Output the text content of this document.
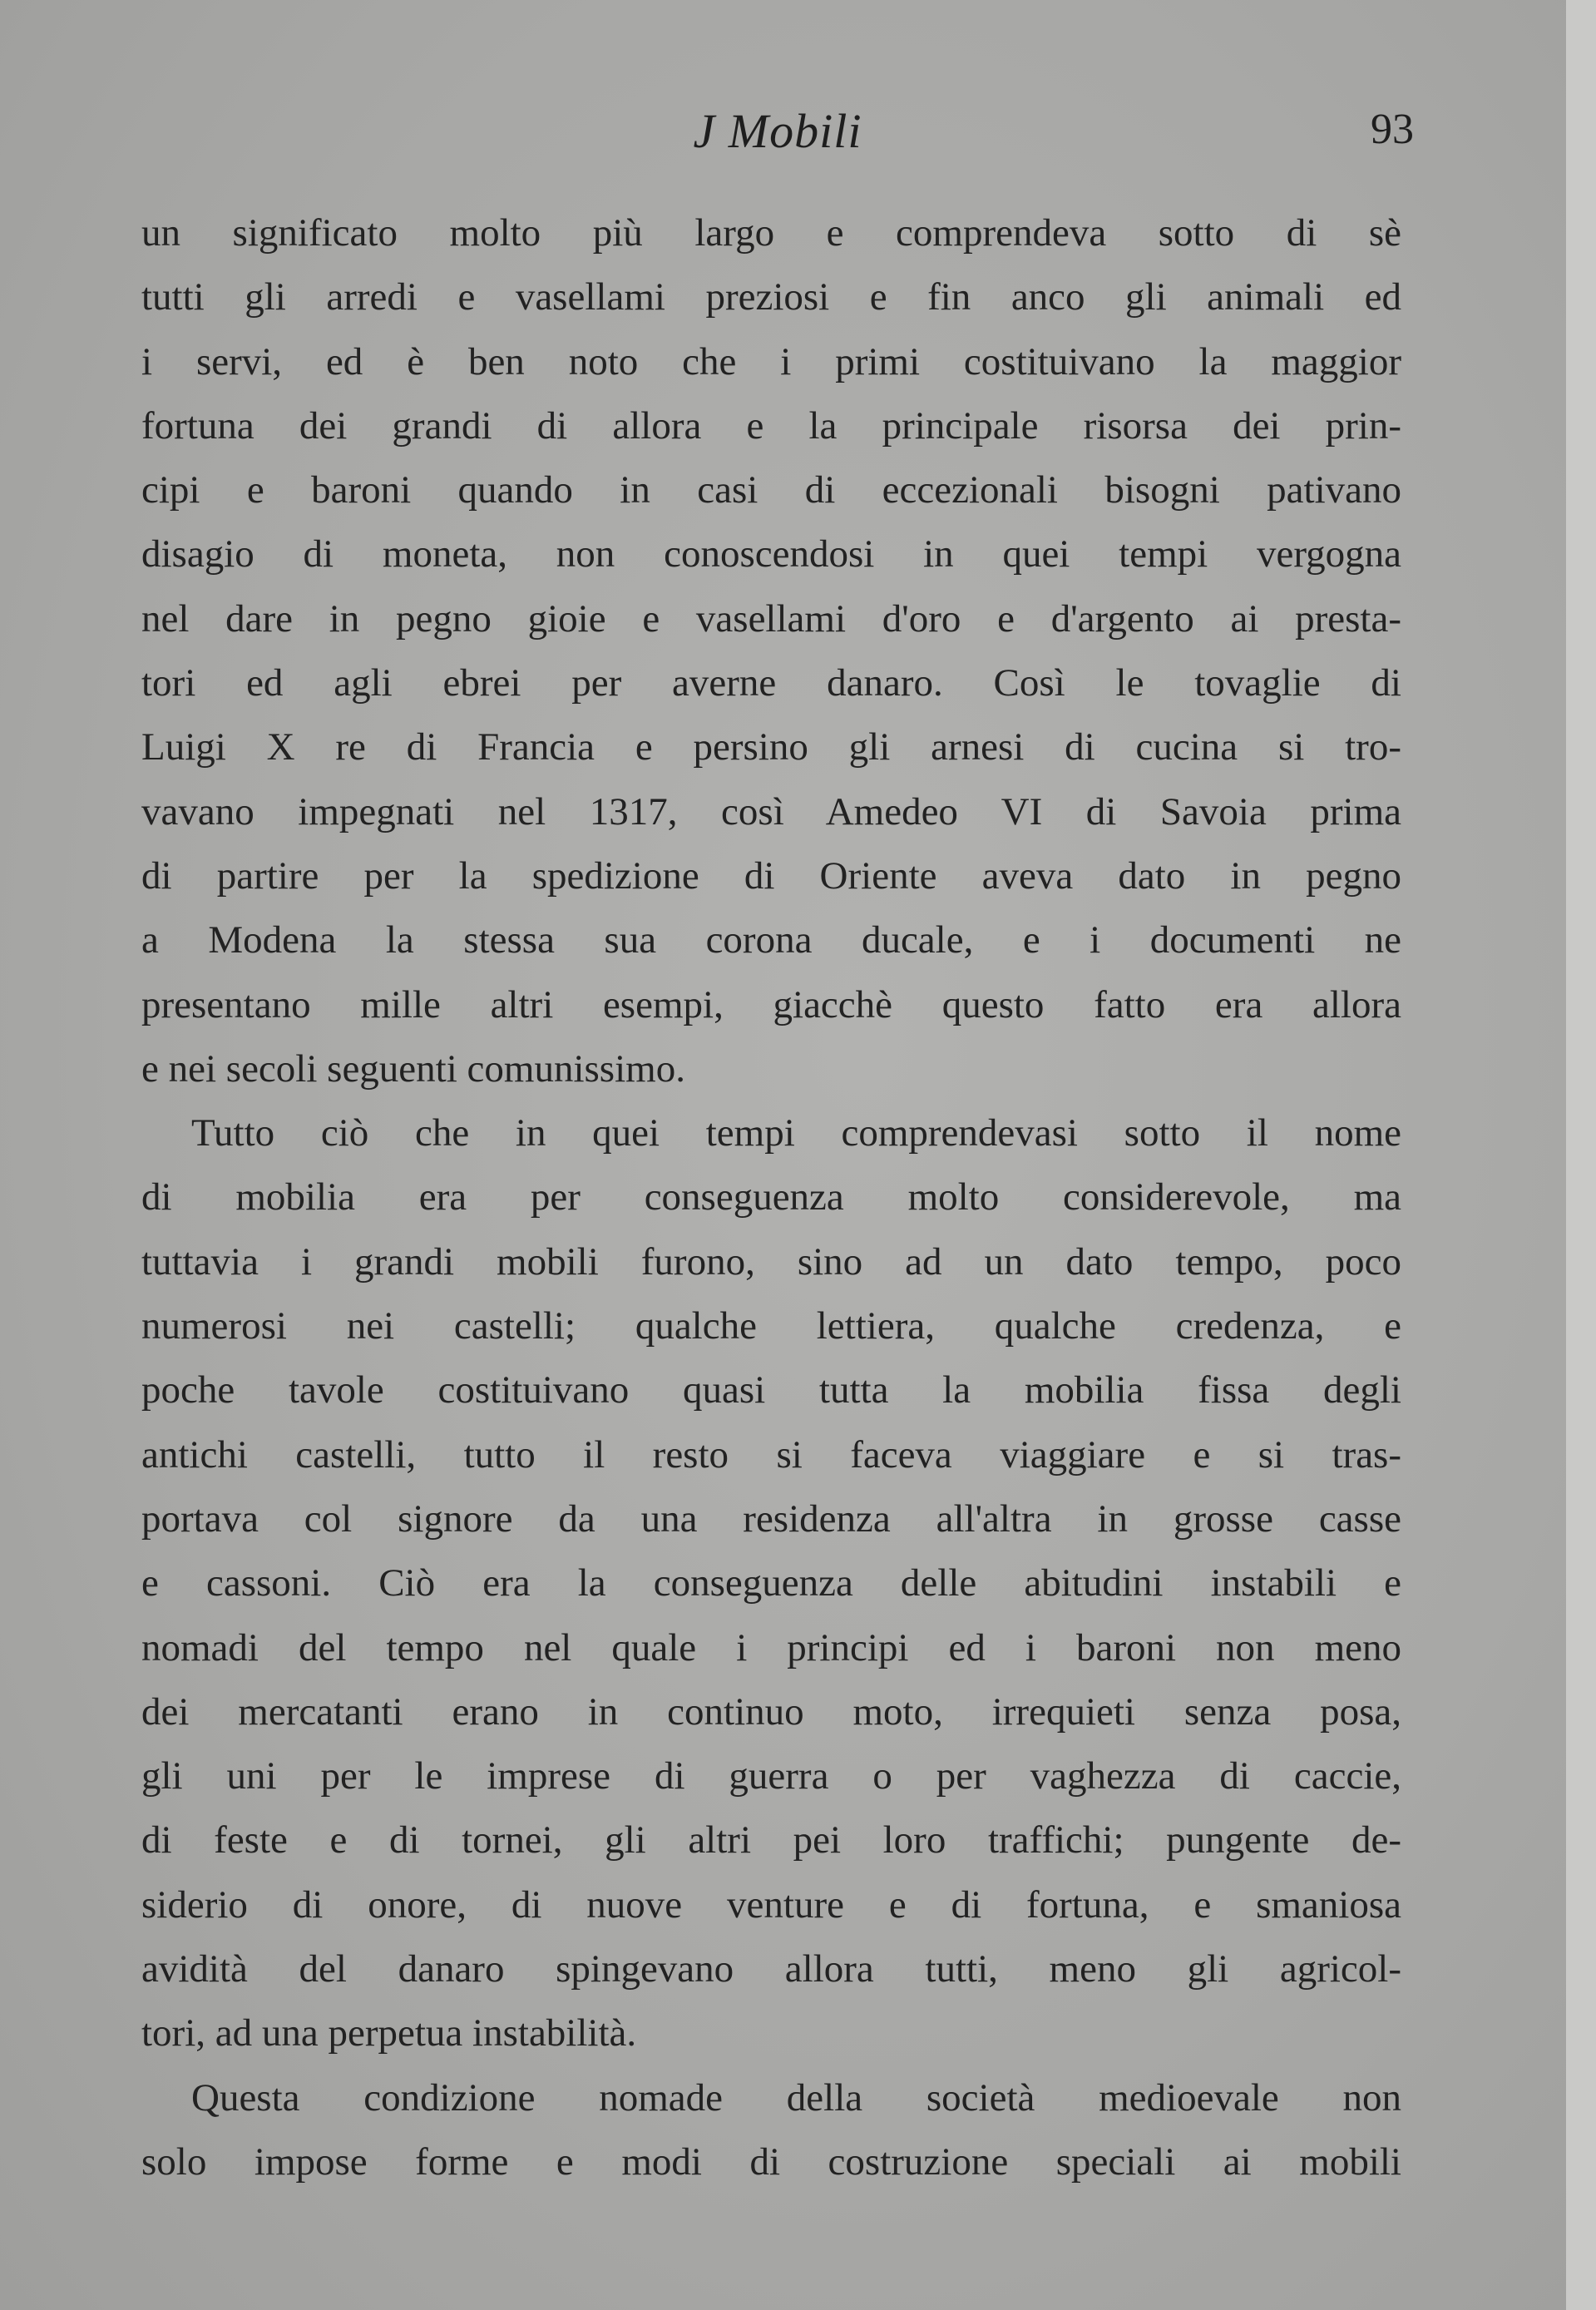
J Mobili	93
un significato molto più largo e comprendeva sotto di sè
tutti gli arredi e vasellami preziosi e fin anco gli animali ed
i servi, ed è ben noto che i primi costituivano la maggior
fortuna dei grandi di allora e la principale risorsa dei prin-
cipi e baroni quando in casi di eccezionali bisogni pativano
disagio di moneta, non conoscendosi in quei tempi vergogna
nel dare in pegno gioie e vasellami d'oro e d'argento ai presta-
tori ed agli ebrei per averne danaro. Così le tovaglie di
Luigi X re di Francia e persino gli arnesi di cucina si tro-
vavano impegnati nel 1317, così Amedeo VI di Savoia prima
di partire per la spedizione di Oriente aveva dato in pegno
a Modena la stessa sua corona ducale, e i documenti ne
presentano mille altri esempi, giacchè questo fatto era allora
e nei secoli seguenti comunissimo.
Tutto ciò che in quei tempi comprendevasi sotto il nome
di mobilia era per conseguenza molto considerevole, ma
tuttavia i grandi mobili furono, sino ad un dato tempo, poco
numerosi nei castelli; qualche lettiera, qualche credenza, e
poche tavole costituivano quasi tutta la mobilia fissa degli
antichi castelli, tutto il resto si faceva viaggiare e si tras-
portava col signore da una residenza all'altra in grosse casse
e cassoni. Ciò era la conseguenza delle abitudini instabili e
nomadi del tempo nel quale i principi ed i baroni non meno
dei mercatanti erano in continuo moto, irrequieti senza posa,
gli uni per le imprese di guerra o per vaghezza di caccie,
di feste e di tornei, gli altri pei loro traffichi; pungente de-
siderio di onore, di nuove venture e di fortuna, e smaniosa
avidità del danaro spingevano allora tutti, meno gli agricol-
tori, ad una perpetua instabilità.
Questa condizione nomade della società medioevale non
solo impose forme e modi di costruzione speciali ai mobili
